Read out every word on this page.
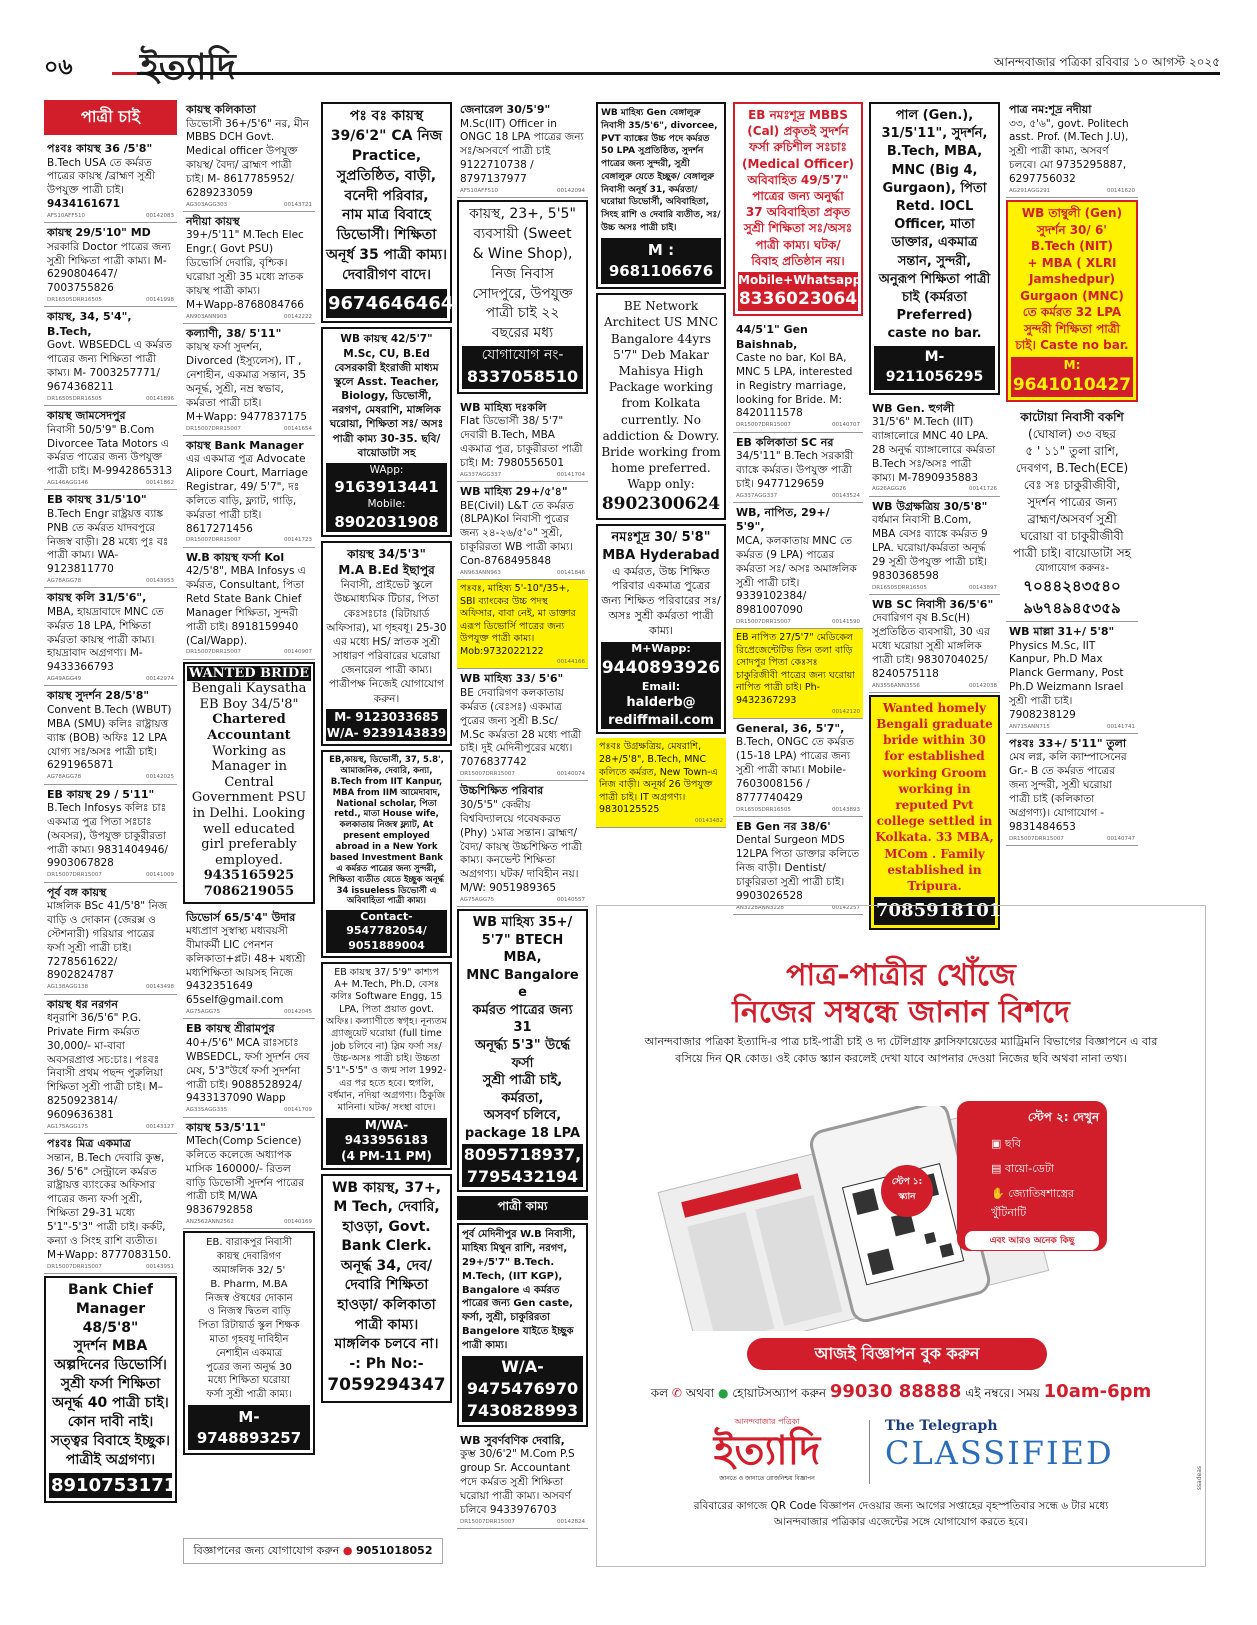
০৬ ইত্যাদি	আনন্দবাজার পত্রিকা রবিবার ১০ আগস্ট ২০২৫
পাত্রী চাই
পঃবঃ কায়স্থ 36 /5'8"
B.Tech USA তে কর্মরত পাত্রের কায়স্থ /ব্রাহ্মণ সুশ্রী উপযুক্ত পাত্রী চাই।
9434161671
AF510AFF510	00142083
কায়স্থ 29/5'10" MD
সরকারি Doctor পাত্রের জন্য সুশ্রী শিক্ষিতা পাত্রী কাম্য। M- 6290804647/ 7003755826
DR16505DRR16505	00141998
কায়স্থ, 34, 5'4", B.Tech,
Govt. WBSEDCL এ কর্মরত পাত্রের জন্য শিক্ষিতা পাত্রী কাম্য। M- 7003257771/ 9674368211
DR16505DRR16505	00141896
কায়স্থ জামসেদপুর
নিবাসী 50/5'9" B.Com Divorcee Tata Motors এ কর্মরত পাত্রের জন্য উপযুক্ত পাত্রী চাই। M-9942865313
AG146AGG146	00141862
EB কায়স্থ 31/5'10"
B.Tech Engr রাষ্ট্রয়ত্ত ব্যাঙ্ক PNB তে কর্মরত যাদবপুরে নিজস্ব বাড়ী। 28 মধ্যে পুঃ বঃ পাত্রী কাম্য। WA- 9123811770
AG78AGG78	00143953
কায়স্থ কলি 31/5'6",
MBA, হায়দ্রাবাদে MNC তে কর্মরত 18 LPA, শিক্ষিতা কর্মরতা কায়স্থ পাত্রী কাম্য। হায়দ্রাবাদ অগ্রগণ্য। M-9433366793
AG49AGG49	00142974
কায়স্থ সুদর্শন 28/5'8"
Convent B.Tech (WBUT) MBA (SMU) কলিঃ রাষ্ট্রায়ত্ত ব্যাঙ্ক (BOB) অফিঃ 12 LPA যোগ্য সঃ/অসঃ পাত্রী চাই। 6291965871
AG78AGG78	00142025
EB কায়স্থ 29 / 5'11"
B.Tech Infosys কলিঃ চাঃ একমাত্র পুত্র পিতা সঃচাঃ (অবসর), উপযুক্ত চাকুরীরতা পাত্রী কাম্য। 9831404946/ 9903067828
DR15007DRR15007	00141009
পূর্ব বঙ্গ কায়স্থ
মাঙ্গলিক BSc 41/5'8" নিজ বাড়ি ও দোকান (জেরক্স ও স্টেশনারী) গরিয়ার পাত্রের ফর্সা সুশ্রী পাত্রী চাই। 7278561622/ 8902824787
AG138AGG138	00143498
কায়স্থ ধর নরগন
ধনুরাশি 36/5'6" P.G. Private Firm কর্মরত 30,000/- মা-বাবা অবসরপ্রাপ্ত সচ:চাঃ। পঃবঃ নিবাসী প্রথম পছন্দ পুরুলিয়া শিক্ষিতা সুশ্রী পাত্রী চাই। M–8250923814/ 9609636381
AG175AGG175	00143127
পঃবঃ মিত্র একমাত্র
সন্তান, B.Tech দেবারি কুম্ভ, 36/ 5'6" সেন্ট্রালে কর্মরত রাষ্ট্রায়ত্ত ব্যাংকের অফিসার পাত্রের জন্য ফর্সা সুশ্রী, শিক্ষিতা 29-31 মধ্যে 5'1"-5'3" পাত্রী চাই। কর্কট, কন্যা ও সিংহ রাশি ব্যতীত। M+Wapp: 8777083150.
DR15007DRR15007	00143951
Bank Chief
Manager 48/5'8"
সুদর্শন MBA
অল্পদিনের ডিভোর্সি।
সুশ্রী ফর্সা শিক্ষিতা
অনূর্দ্ধ 40 পাত্রী চাই।
কোন দাবী নাই।
সত্ত্বর বিবাহে ইচ্ছুক।
পাত্রীই অগ্রগণ্য।
8910753171
কায়স্থ কলিকাতা
ডিভোর্সী 36+/5'6" নর, মীন MBBS DCH Govt. Medical officer উপযুক্ত কায়স্থ/ বৈদ্য/ ব্রাহ্মণ পাত্রী চাই। M- 8617785952/ 6289233059
AG303AGG303	00143721
নদীয়া কায়স্থ
39+/5'11" M.Tech Elec Engr.( Govt PSU) ডিভোর্সি দেবারি, বৃশ্চিক। ঘরোয়া সুশ্রী 35 মধ্যে স্নাতক কায়স্থ পাত্রী কাম্য। M+Wapp-8768084766
AN903ANN903	00142222
কল্যাণী, 38/ 5'11"
কায়স্থ ফর্সা সুদর্শন, Divorced (ইস্যুলেস), IT , নেশাহীন, একমাত্র সন্তান, 35 অনূর্দ্ধ, সুশ্রী, নম্র স্বভাব, কর্মরতা পাত্রী চাই। M+Wapp: 9477837175
DR15007DRR15007	00141654
কায়স্থ Bank Manager
এর একমাত্র পুত্র Advocate Alipore Court, Marriage Registrar, 49/ 5'7", দঃ কলিতে বাড়ি, ফ্ল্যাট, গাড়ি, কর্মরতা পাত্রী চাই। 8617271456
DR15007DRR15007	00141723
W.B কায়স্থ ফর্সা Kol
42/5'8", MBA Infosys এ কর্মরত, Consultant, পিতা Retd State Bank Chief Manager শিক্ষিতা, সুন্দরী পাত্রী চাই। 8918159940 (Cal/Wapp).
DR15007DRR15007	00140907
WANTED BRIDE
Bengali Kaysatha
EB Boy 34/5'8"
Chartered
Accountant
Working as
Manager in
Central
Government PSU
in Delhi. Looking
well educated
girl preferably
employed.
9435165925
7086219055
ডিভোর্স 65/5'4" উদার
মধ্যপ্রাণ সুস্বাস্থ্য মধ্যবয়সী বীমাকর্মী LIC পেনশন কলিকাতা+প্লট। 48+ মধ্যশ্রী মধ্যশিক্ষিতা আয়সহ নিজে 9432351649 65self@gmail.com
AG75AGG75	00142045
EB কায়স্থ শ্রীরামপুর
40+/5'6" MCA রাঃসচাঃ WBSEDCL, ফর্সা সুদর্শন দেব মেষ, 5'3"উর্ধে ফর্সা সুদর্শনা পাত্রী চাই। 9088528924/ 9433137090 Wapp
AG335AGG335	00141709
কায়স্থ 53/5'11"
MTech(Comp Science) কলিতে কলেজে অধ্যাপক মাসিক 160000/- রিতল বাড়ি ডিভোর্সী সুদর্শন পাত্রের পাত্রী চাই M/WA 9836792858
AN2562ANN2562	00140169
EB. বারাকপুর নিবাসী
কায়স্থ দেবারিগণ
অমাঙ্গলিক 32/ 5'
B. Pharm, M.BA
নিজস্ব ঔষধের দোকান
ও নিজস্ব দ্বিতল বাড়ি
পিতা রিটায়ার্ড স্কুল শিক্ষক
মাতা গৃহবধূ দাবিহীন
নেশাহীন একমাত্র
পুত্রের জন্য অনুর্দ্ধ 30
মধ্যে শিক্ষিতা ঘরোয়া
ফর্সা সুশ্রী পাত্রী কাম্য।
M-9748893257
বিজ্ঞাপনের জন্য যোগাযোগ করুন ● 9051018052
পঃ বঃ কায়স্থ
39/6'2" CA নিজ
Practice,
সুপ্রতিষ্ঠিত, বাড়ী,
বনেদী পরিবার,
নাম মাত্র বিবাহে
ডিভোর্সী। শিক্ষিতা
অনূর্ধ 35 পাত্রী কাম্য।
দেবারীগণ বাদে।
9674646464
WB কায়স্থ 42/5'7"
M.Sc, CU, B.Ed
বেসরকারী ইংরাজী মাধ্যম স্কুলে Asst. Teacher, Biology, ডিভোর্সী, নরগণ, মেষরাশি, মাঙ্গলিক ঘরোয়া, শিক্ষিতা সঃ/ অসঃ পাত্রী কাম্য 30-35. ছবি/ বায়োডাটা সহ
WApp:
9163913441
Mobile:
8902031908
কায়স্থ 34/5'3"
M.A B.Ed ইছাপুর
নিবাসী, প্রাইভেট স্কুলে উচ্চমাধ্যমিক টিচার, পিতা কেঃসঃচাঃ (রিটায়ার্ড অফিসার), মা গৃহবধূ। 25-30 এর মধ্যে HS/ স্নাতক সুশ্রী সাধারণ পরিবারের ঘরোয়া জেনারেল পাত্রী কাম্য। পাত্রীপক্ষ নিজেই যোগাযোগ করুন।
M- 9123033685
W/A- 9239143839
EB,কায়স্থ, ডিভোর্সী, 37, 5.8', আমাজনিক, দেবারি, কন্যা, B.Tech from IIT Kanpur, MBA from IIM আমেদাবাদ, National scholar, পিতা retd., মাতা House wife, কলকাতায় নিজস্ব ফ্ল্যাট, At present employed abroad in a New York based Investment Bank এ কর্মরত পাত্রের জন্য সুন্দরী, শিক্ষিতা ব্যতীত যেতে ইচ্ছুক অনূর্দ্ধ 34 issueless ডিভোর্সী এ অবিবাহিতা পাত্রী কাম্য।
Contact-
9547782054/
9051889004
EB কায়স্থ 37/ 5'9" কাশ্যপ A+ M.Tech, Ph.D, বেসঃ কলিঃ Software Engg, 15 LPA, পিতা প্রয়াত govt. অফিঃ। কল্যাণীতে স্বগৃহ। নূন্যতম গ্র্যাজুয়েট ঘরোয়া (full time job চলিবে না) স্লিম ফর্সা সঃ/ উচ্চ-অসঃ পাত্রী চাই। উচ্চতা 5'1"-5'5" ও জন্ম সাল 1992-এর পর হতে হবে। হুগলি, বর্ধমান, নদিয়া অগ্রগণ্য। ঠিকুজি মানিনা। ঘটক/ সংস্থা বাদে।
M/WA-9433956183
(4 PM-11 PM)
WB কায়স্থ, 37+,
M Tech, দেবারি,
হাওড়া, Govt.
Bank Clerk.
অনূর্দ্ধ 34, দেব/
দেবারি শিক্ষিতা
হাওড়া/ কলিকাতা
পাত্রী কাম্য।
মাঙ্গলিক চলবে না।
-: Ph No:-
7059294347
জেনারেল 30/5'9"
M.Sc(IIT) Officer in ONGC 18 LPA পাত্রের জন্য সঃ/অসবর্ণে পাত্রী চাই 9122710738 / 8797137977
AF510AFF510	00142094
কায়স্থ, 23+, 5'5"
ব্যবসায়ী (Sweet
& Wine Shop),
নিজ নিবাস
সোদপুরে, উপযুক্ত
পাত্রী চাই ২২
বছরের মধ্য
যোগাযোগ নং-
8337058510
WB মাহিষ্য দঃকলি
Flat ডিভোর্সী 38/ 5'7" দেবারী B.Tech, MBA একমাত্র পুত্র, চাকুরীরতা পাত্রী চাই। M: 7980556501
AG337AGG337	00141704
WB মাহিষ্য 29+/৫'৪"
BE(Civil) L&T তে কর্মরত (8LPA)Kol নিবাসী পুত্রের জন্য ২৪-২৬/৫'০" সুশ্রী, চাকুরিরতা WB পাত্রী কাম্য। Con-8768495848
AN963ANN963	00141846
পঃবঃ, মাহিষ্য 5'-10"/35+, SBI ব্যাংকের উচ্চ পদস্থ অফিসার, বাবা নেই, মা ডাক্তার এরূপ ডিভোর্সি পাত্রের জন্য উপযুক্ত পাত্রী কাম্য। Mob:9732022122
00144166
WB মাহিষ্য 33/ 5'6"
BE দেবারিগণ কলকাতায় কর্মরত (বেঃসঃ) একমাত্র পুত্রের জন্য সুশ্রী B.Sc/ M.Sc কর্মরতা 28 মধ্যে পাত্রী চাই। দুই মেদিনীপুরের মধ্যে। 7076837742
DR15007DRR15007	00140074
উচ্চশিক্ষিত পরিবার
30/5'5" কেন্দ্রীয় বিশ্ববিদ্যালয়ে গবেষকরত (Phy) ১মাত্র সন্তান। ব্রাহ্মণ/ বৈদ্য/ কায়স্থ উচ্চশিক্ষিত পাত্রী কাম্য। কনভেন্ট শিক্ষিতা অগ্রগণ্য। ঘটক/ দাবিহীন নয়। M/W: 9051989365
AG75AGG75	00140557
WB মাহিষ্য 35+/
5'7" BTECH MBA,
MNC Bangalore e
কর্মরত পাত্রের জন্য 31
অনূর্দ্ধ্য 5'3" উর্দ্ধে ফর্সা
সুশ্রী পাত্রী চাই, কর্মরতা,
অসবর্ণ চলিবে,
package 18 LPA
8095718937,
7795432194
পাত্রী কাম্য
পূর্ব মেদিনীপুর W.B নিবাসী, মাহিষ্য মিথুন রাশি, নরগণ, 29+/5'7" B.Tech. M.Tech, (IIT KGP), Bangalore এ কর্মরত পাত্রের জন্য Gen caste, ফর্সা, সুশ্রী, চাকুরিরতা Bangelore যাইতে ইচ্ছুক পাত্রী কাম্য।
W/A-
9475476970
7430828993
WB সুবর্ণবণিক দেবারি,
কুম্ভ 30/6'2" M.Com P.S group Sr. Accountant পদে কর্মরত সুশ্রী শিক্ষিতা ঘরোয়া পাত্রী কাম্য। অসবর্ণ চলিবে 9433976703
DR15007DRR15007	00142824
WB মাহিষ্য Gen বেঙ্গালুরু নিবাসী 35/5'6", divorcee, PVT ব্যাঙ্কের উচ্চ পদে কর্মরত 50 LPA সুপ্রতিষ্ঠিত, সুদর্শন পাত্রের জন্য সুন্দরী, সুশ্রী বেঙ্গালুরু যেতে ইচ্ছুক/ বেঙ্গালুরু নিবাসী অনূর্ধ 31, কর্মরতা/ঘরোয়া ডিভোর্সী, অবিবাহিতা, সিংহ রাশি ও দেবারি ব্যতীত, সঃ/উচ্চ অসঃ পাত্রী চাই।
M : 9681106676
BE Network
Architect US MNC
Bangalore 44yrs
5'7" Deb Makar
Mahisya High
Package working
from Kolkata
currently. No
addiction & Dowry.
Bride working from
home preferred.
Wapp only:
8902300624
নমঃশূদ্র 30/ 5'8"
MBA Hyderabad
এ কর্মরত, উচ্চ শিক্ষিত পরিবার একমাত্র পুত্রের জন্য শিক্ষিত পরিবারের সঃ/ অসঃ সুশ্রী কর্মরতা পাত্রী কাম্য।
M+Wapp:
9440893926
Email:
halderb@
rediffmail.com
পঃবঃ উগ্রক্ষত্রিয়, মেষরাশি, 28+/5'8", B.Tech, MNC কলিতে কর্মরত, New Town-এ নিজ বাড়ী। অনূর্ধ্ব 26 উপযুক্ত পাত্রী চাই। IT অগ্রগণ্য। 9830125525
00143482
EB নমঃশূদ্র MBBS
(Cal) প্রকৃতই সুদর্শন
ফর্সা রুচিশীল সঃচাঃ
(Medical Officer)
অবিবাহিত 49/5'7"
পাত্রের জন্য অনুর্দ্ধা
37 অবিবাহিতা প্রকৃত
সুশ্রী শিক্ষিতা সঃ/অসঃ
পাত্রী কাম্য। ঘটক/
বিবাহ প্রতিষ্ঠান নয়।
Mobile+Whatsapp
8336023064
44/5'1" Gen Baishnab,
Caste no bar, Kol BA, MNC 5 LPA, interested in Registry marriage, looking for Bride. M: 8420111578
DR15007DRR15007	00140707
EB কলিকাতা SC নর
34/5'11" B.Tech সরকারী ব্যাঙ্কে কর্মরত। উপযুক্ত পাত্রী চাই। 9477129659
AG337AGG337	00143524
WB, নাপিত, 29+/ 5'9",
MCA, কলকাতায় MNC তে কর্মরত (9 LPA) পাত্রের কর্মরতা সঃ/ অসঃ অমাঙ্গলিক সুশ্রী পাত্রী চাই। 9339102384/ 8981007090
DR15007DRR15007	00141590
EB নাপিত 27/5'7" মেডিকেল রিপ্রেজেন্টেটিভ তিন তলা বাড়ি সোদপুর পিতা কেঃসঃ চাকুরিজীবী পাত্রের জন্য ঘরোয়া নাপিত পাত্রী চাই। Ph-9432367293
00142120
General, 36, 5'7",
B.Tech, ONGC তে কর্মরত (15-18 LPA) পাত্রের জন্য সুশ্রী পাত্রী কাম্য। Mobile- 7603008156 / 8777740429
DR16505DRR16505	00143893
EB Gen নর 38/6'
Dental Surgeon MDS 12LPA পিতা ডাক্তার কলিতে নিজ বাড়ী। Dentist/ চাকুরিরতা সুশ্রী পাত্রী চাই। 9903026528
AN3228ANN3228	00142257
পাল (Gen.),
31/5'11", সুদর্শন,
B.Tech, MBA,
MNC (Big 4,
Gurgaon), পিতা
Retd. IOCL
Officer, মাতা
ডাক্তার, একমাত্র
সন্তান, সুন্দরী,
অনুরূপ শিক্ষিতা পাত্রী
চাই (কর্মরতা
Preferred)
caste no bar.
M- 9211056295
WB Gen. হুগলী
31/5'6" M.Tech (IIT) ব্যাঙ্গালোরে MNC 40 LPA. 28 অনুর্দ্ধ ব্যাঙ্গালোরে কর্মরতা B.Tech সঃ/অসঃ পাত্রী কাম্য। M-7890935883
AG26AGG26	00141726
WB উগ্রক্ষত্রিয় 30/5'8"
বর্ধমান নিবাসী B.Com, MBA বেসঃ ব্যাঙ্কে কর্মরত 9 LPA. ঘরোয়া/কর্মরতা অনূর্দ্ধ 29 সুশ্রী উপযুক্ত পাত্রী চাই। 9830368598
DR16505DRR16505	00143897
WB SC নিবাসী 36/5'6"
দেবারিগণ বৃষ B.Sc(H) সুপ্রতিষ্ঠিত ব্যবসায়ী, 30 এর মধ্যে ঘরোয়া সুশ্রী মাঙ্গলিক পাত্রী চাই। 9830704025/ 8240575118
AN3556ANN3556	00142038
Wanted homely
Bengali graduate
bride within 30
for established
working Groom
working in
reputed Pvt
college settled in
Kolkata. 33 MBA,
MCom . Family
established in
Tripura.
7085918101
পাত্র নম:শূদ্র নদীয়া
৩৩, ৫'৬", govt. Politech asst. Prof. (M.Tech J.U), সুশ্রী পাত্রী কাম্য, অসবর্ণ চলবে। মো 9735295887, 6297756032
AG291AGG291	00141620
WB তাম্বুলী (Gen)
সুদর্শন 30/ 6'
B.Tech (NIT)
+ MBA ( XLRI
Jamshedpur)
Gurgaon (MNC)
তে কর্মরত 32 LPA
সুন্দরী শিক্ষিতা পাত্রী
চাই। Caste no bar.
M:
9641010427
কাটোয়া নিবাসী বকশি
(ঘোষাল) ৩৩ বছর
৫ ' ১১" তুলা রাশি,
দেবগণ, B.Tech(ECE)
বেঃ সঃ চাকুরীজীবী,
সুদর্শন পাত্রের জন্য
ব্রাহ্মণ/অসবর্ণ সুশ্রী
ঘরোয়া বা চাকুরীজীবী
পাত্রী চাই। বায়োডাটা সহ
যোগাযোগ করুনঃ-
৭০৪৪২৪৩৫৪০
৯৬৭৪৯৪৫৩৫৯
WB মাল্লা 31+/ 5'8"
Physics M.Sc, IIT Kanpur, Ph.D Max Planck Germany, Post Ph.D Weizmann Israel সুশ্রী পাত্রী চাই। 7908238129
AN715ANN715	00141741
পঃবঃ 33+/ 5'11" তুলা
মেষ লগ্ন, কলি ক্যাম্পাসেনের Gr.- B তে কর্মরত পাত্রের জন্য সুন্দরী, সুশ্রী ঘরোয়া পাত্রী চাই (কলিকাতা অগ্রগণ্য)। যোগাযোগ - 9831484653
DR15007DRR15007	00140747
পাত্র-পাত্রীর খোঁজে
নিজের সম্বন্ধে জানান বিশদে
আনন্দবাজার পত্রিকা ইত্যাদি-র পাত্র চাই-পাত্রী চাই ও দ্য টেলিগ্রাফ ক্লাসিফায়েডের ম্যাট্রিমনি বিভাগের বিজ্ঞাপনে এ বার বসিয়ে দিন QR কোড। ওই কোড স্ক্যান করলেই দেখা যাবে আপনার দেওয়া নিজের ছবি অথবা নানা তথ্য।
স্টেপ ১: স্ক্যান
স্টেপ ২: দেখুন
▣ ছবি
▤ বায়ো-ডেটা
✋ জ্যোতিষশাস্ত্রের খুঁটিনাটি
এবং আরও অনেক কিছু
আজই বিজ্ঞাপন বুক করুন
কল ✆ অথবা ● হোয়াটসঅ্যাপ করুন 99030 88888 এই নম্বরে। সময় 10am-6pm
আনন্দবাজার পত্রিকা
ইত্যাদি
জানতে ও জানাতে রোজনিশ্চয় বিজ্ঞাপন
The Telegraph
CLASSIFIED
রবিবারের কাগজে QR Code বিজ্ঞাপন দেওয়ার জন্য আগের সপ্তাহের বৃহস্পতিবার সন্ধে ৬ টার মধ্যে
আনন্দবাজার পত্রিকার এজেন্টের সঙ্গে যোগাযোগ করতে হবে।
ssadeas
